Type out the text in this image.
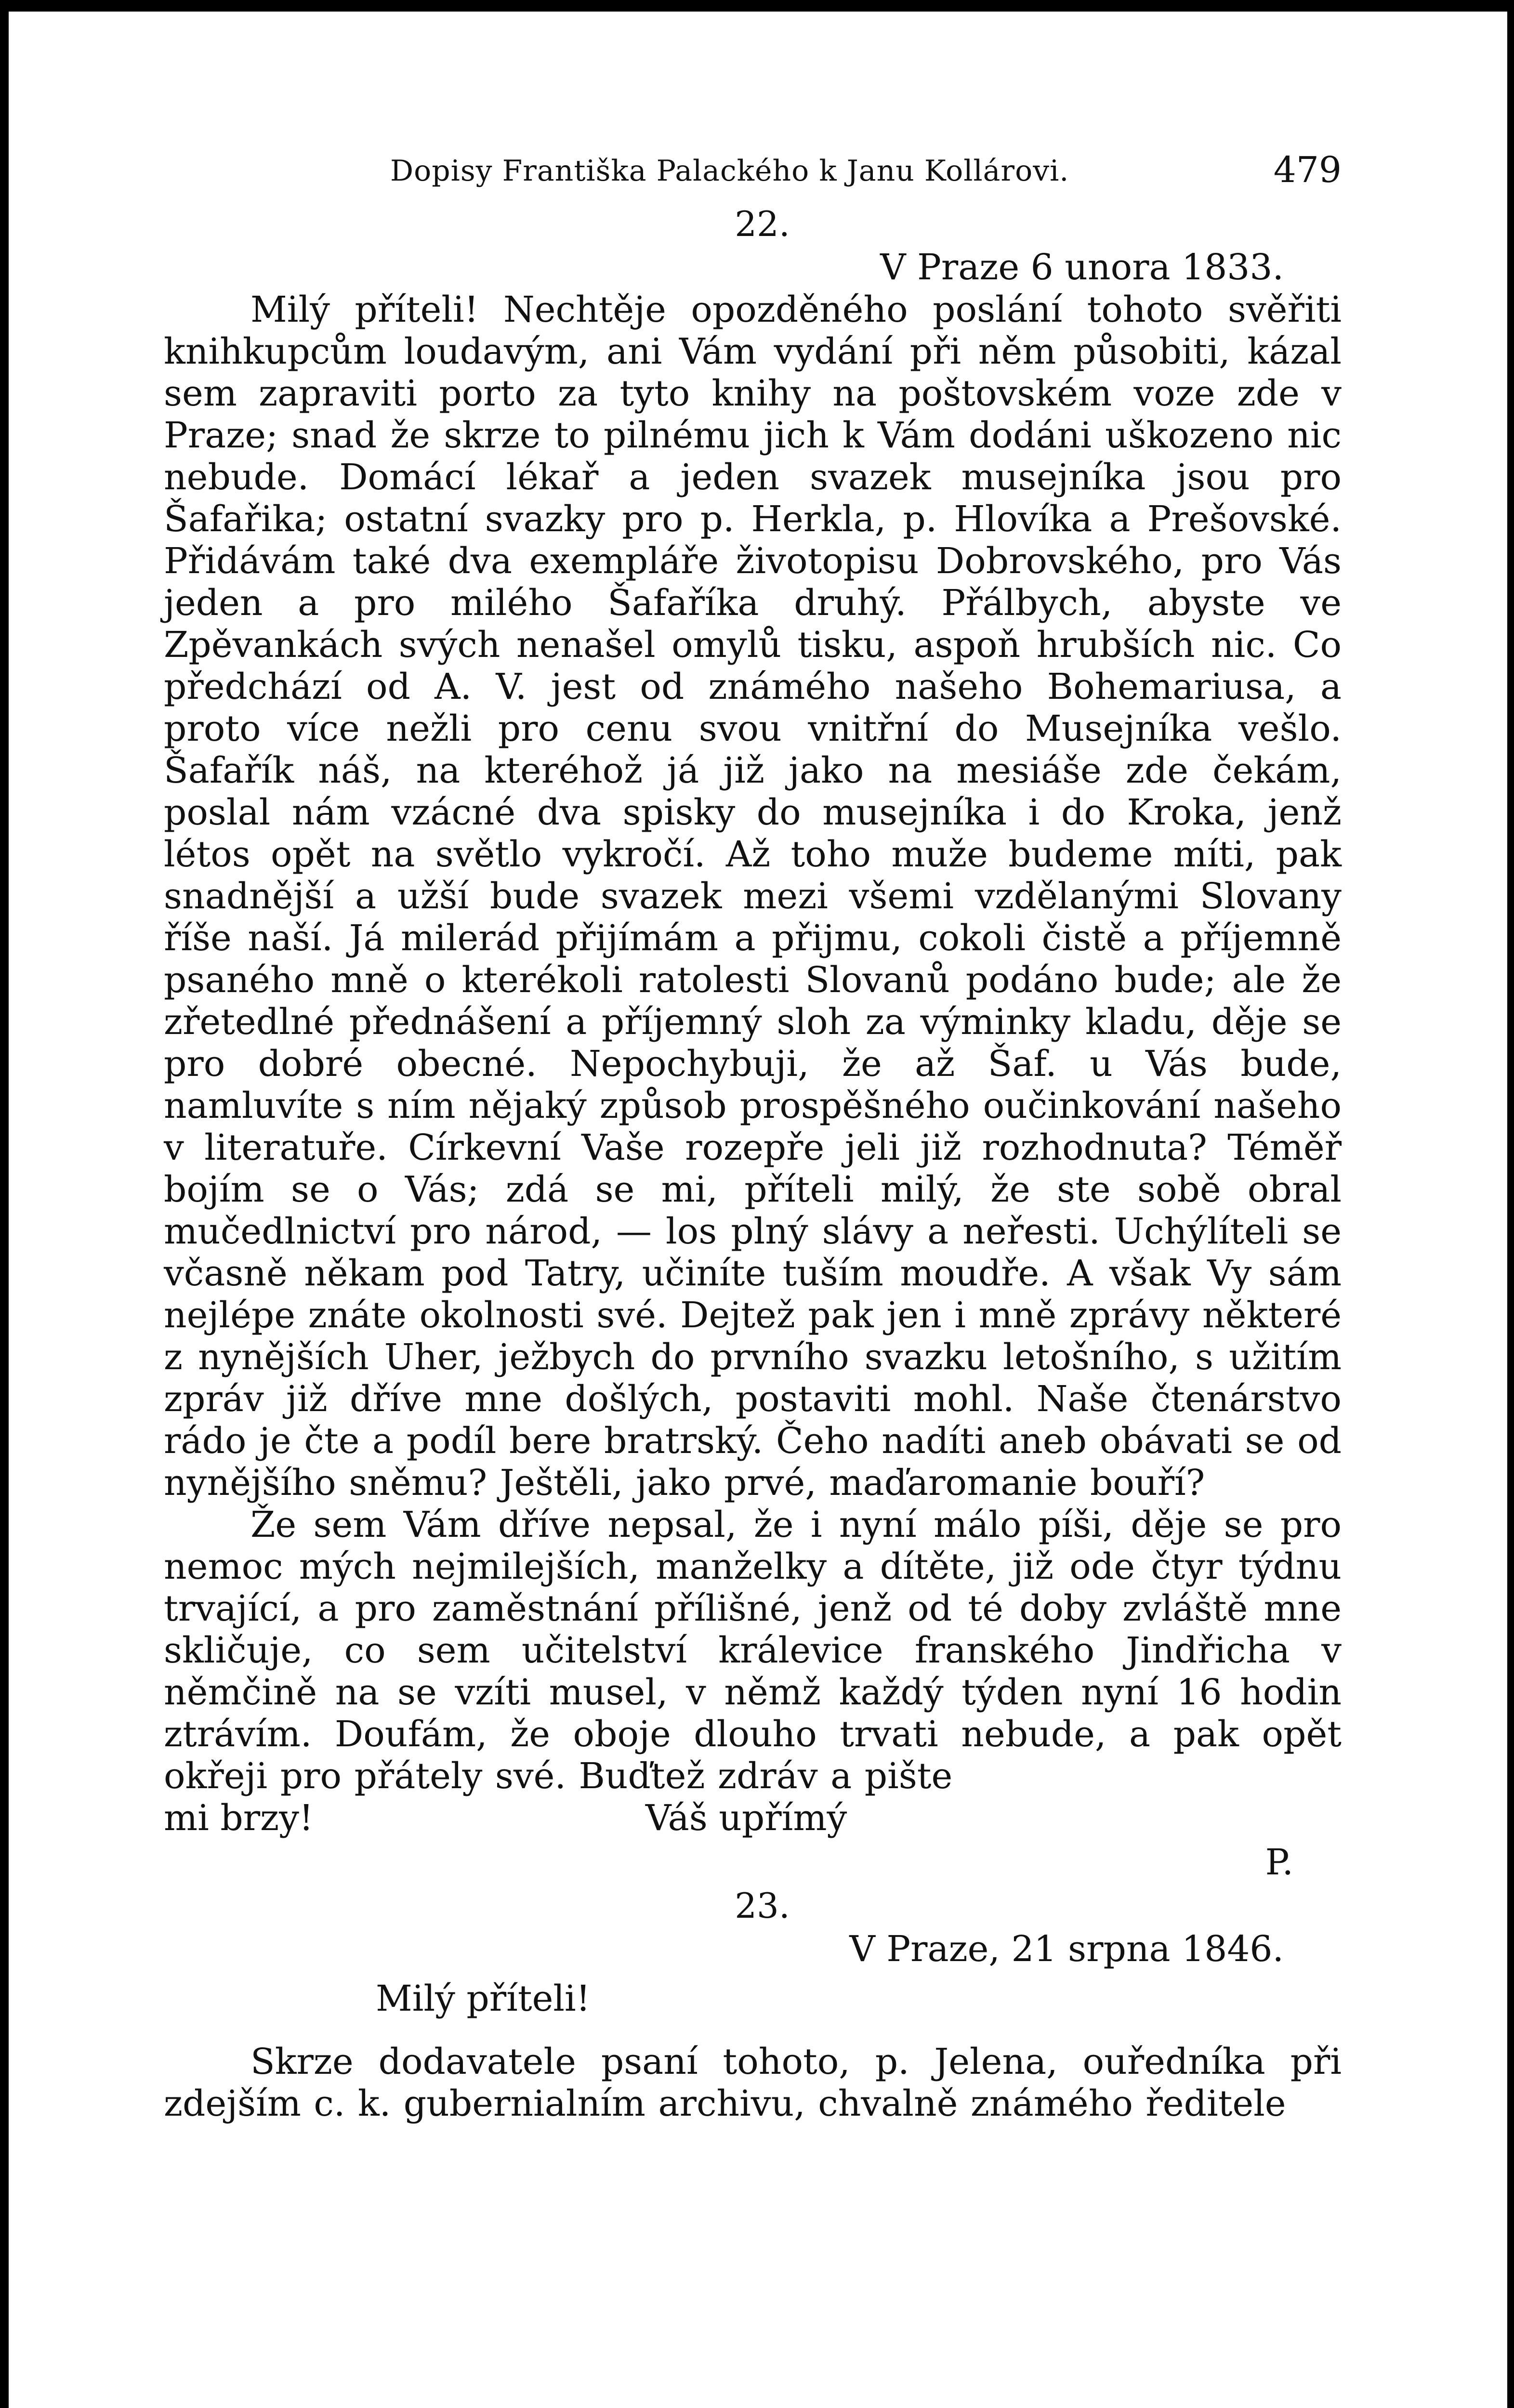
Dopisy Františka Palackého k Janu Kollárovi.	479
22.
V Praze 6 unora 1833.

Milý příteli! Nechtěje opozděného poslání tohoto svěřiti knihkupcům loudavým, ani Vám vydání při něm působiti, kázal sem zapraviti porto za tyto knihy na poštovském voze zde v Praze; snad že skrze to pilnému jich k Vám dodáni uškozeno nic nebude. Domácí lékař a jeden svazek musejníka jsou pro Šafařika; ostatní svazky pro p. Herkla, p. Hlovíka a Prešovské. Přidávám také dva exempláře životopisu Dobrovského, pro Vás jeden a pro milého Šafaříka druhý. Přálbych, abyste ve Zpěvankách svých nenašel omylů tisku, aspoň hrubších nic. Co předchází od A. V. jest od známého našeho Bohemariusa, a proto více nežli pro cenu svou vnitřní do Musejníka vešlo. Šafařík náš, na kteréhož já již jako na mesiáše zde čekám, poslal nám vzácné dva spisky do musejníka i do Kroka, jenž létos opět na světlo vykročí. Až toho muže budeme míti, pak snadnější a užší bude svazek mezi všemi vzdělanými Slovany říše naší. Já milerád přijímám a přijmu, cokoli čistě a příjemně psaného mně o kterékoli ratolesti Slovanů podáno bude; ale že zřetedlné přednášení a příjemný sloh za výminky kladu, děje se pro dobré obecné. Nepochybuji, že až Šaf. u Vás bude, namluvíte s ním nějaký způsob prospěšného oučinkování našeho v literatuře. Církevní Vaše rozepře jeli již rozhodnuta? Téměř bojím se o Vás; zdá se mi, příteli milý, že ste sobě obral mučedlnictví pro národ, — los plný slávy a neřesti. Uchýlíteli se včasně někam pod Tatry, učiníte tuším moudře. A však Vy sám nejlépe znáte okolnosti své. Dejtež pak jen i mně zprávy některé z nynějších Uher, ježbych do prvního svazku letošního, s užitím zpráv již dříve mne došlých, postaviti mohl. Naše čtenárstvo rádo je čte a podíl bere bratrský. Čeho nadíti aneb obávati se od nynějšího sněmu? Ještěli, jako prvé, maďaromanie bouří?

Že sem Vám dříve nepsal, že i nyní málo píši, děje se pro nemoc mých nejmilejších, manželky a dítěte, již ode čtyr týdnu trvající, a pro zaměstnání přílišné, jenž od té doby zvláště mne skličuje, co sem učitelství králevice franského Jindřicha v němčině na se vzíti musel, v němž každý týden nyní 16 hodin ztrávím. Doufám, že oboje dlouho trvati nebude, a pak opět okřeji pro přátely své. Buďtež zdráv a pište

mi brzy!	Váš upřímý
P.
23.
V Praze, 21 srpna 1846.
Milý příteli!

Skrze dodavatele psaní tohoto, p. Jelena, ouředníka při zdejším c. k. gubernialním archivu, chvalně známého ředitele
